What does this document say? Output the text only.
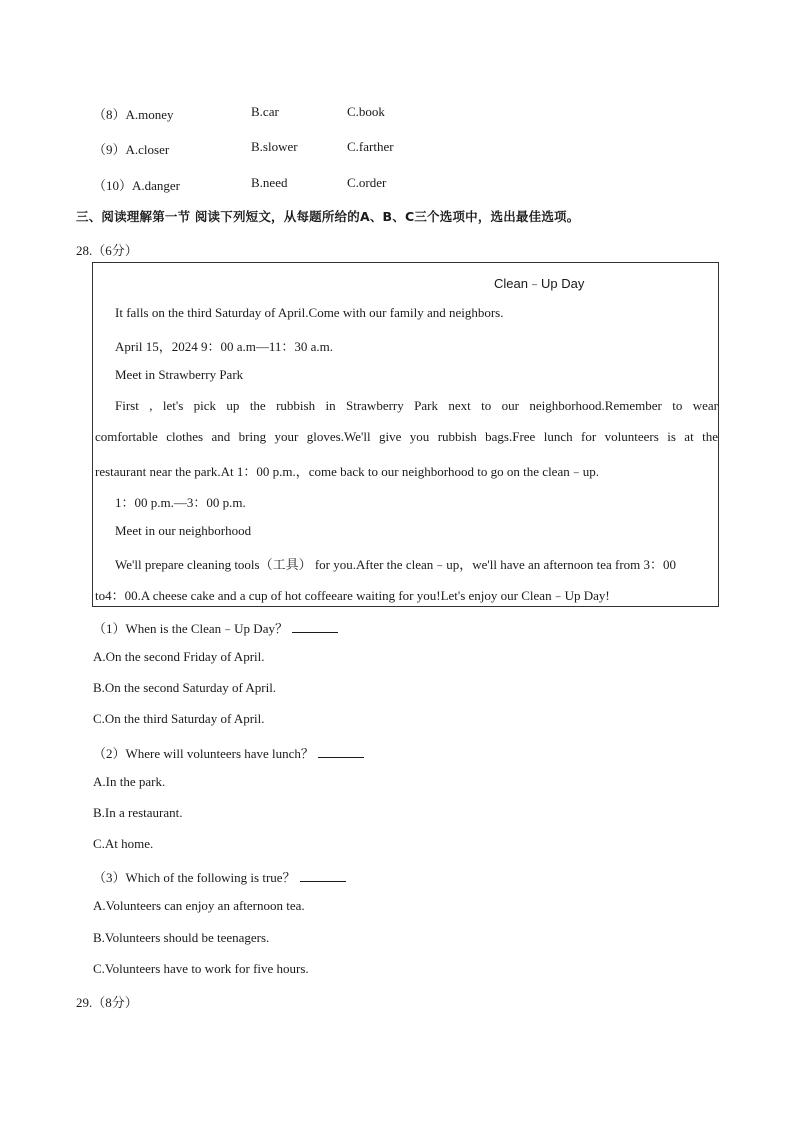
（8）A.money	B.car	C.book
（9）A.closer	B.slower	C.farther
（10）A.danger	B.need	C.order
三、阅读理解第一节 阅读下列短文，从每题所给的A、B、C三个选项中，选出最佳选项。
28.（6分）
Clean﹣Up Day
It falls on the third Saturday of April.Come with our family and neighbors.
April 15，2024 9：00 a.m—11：30 a.m.
Meet in Strawberry Park
First , let's pick up the rubbish in Strawberry Park next to our neighborhood.Remember to wear
comfortable clothes and bring your gloves.We'll give you rubbish bags.Free lunch for volunteers is at the
restaurant near the park.At 1：00 p.m.，come back to our neighborhood to go on the clean﹣up.
1：00 p.m.—3：00 p.m.
Meet in our neighborhood
We'll prepare cleaning tools（工具） for you.After the clean﹣up，we'll have an afternoon tea from 3：00
to4：00.A cheese cake and a cup of hot coffeeare waiting for you!Let's enjoy our Clean﹣Up Day!
（1）When is the Clean﹣Up Day？
A.On the second Friday of April.
B.On the second Saturday of April.
C.On the third Saturday of April.
（2）Where will volunteers have lunch？
A.In the park.
B.In a restaurant.
C.At home.
（3）Which of the following is true？
A.Volunteers can enjoy an afternoon tea.
B.Volunteers should be teenagers.
C.Volunteers have to work for five hours.
29.（8分）
